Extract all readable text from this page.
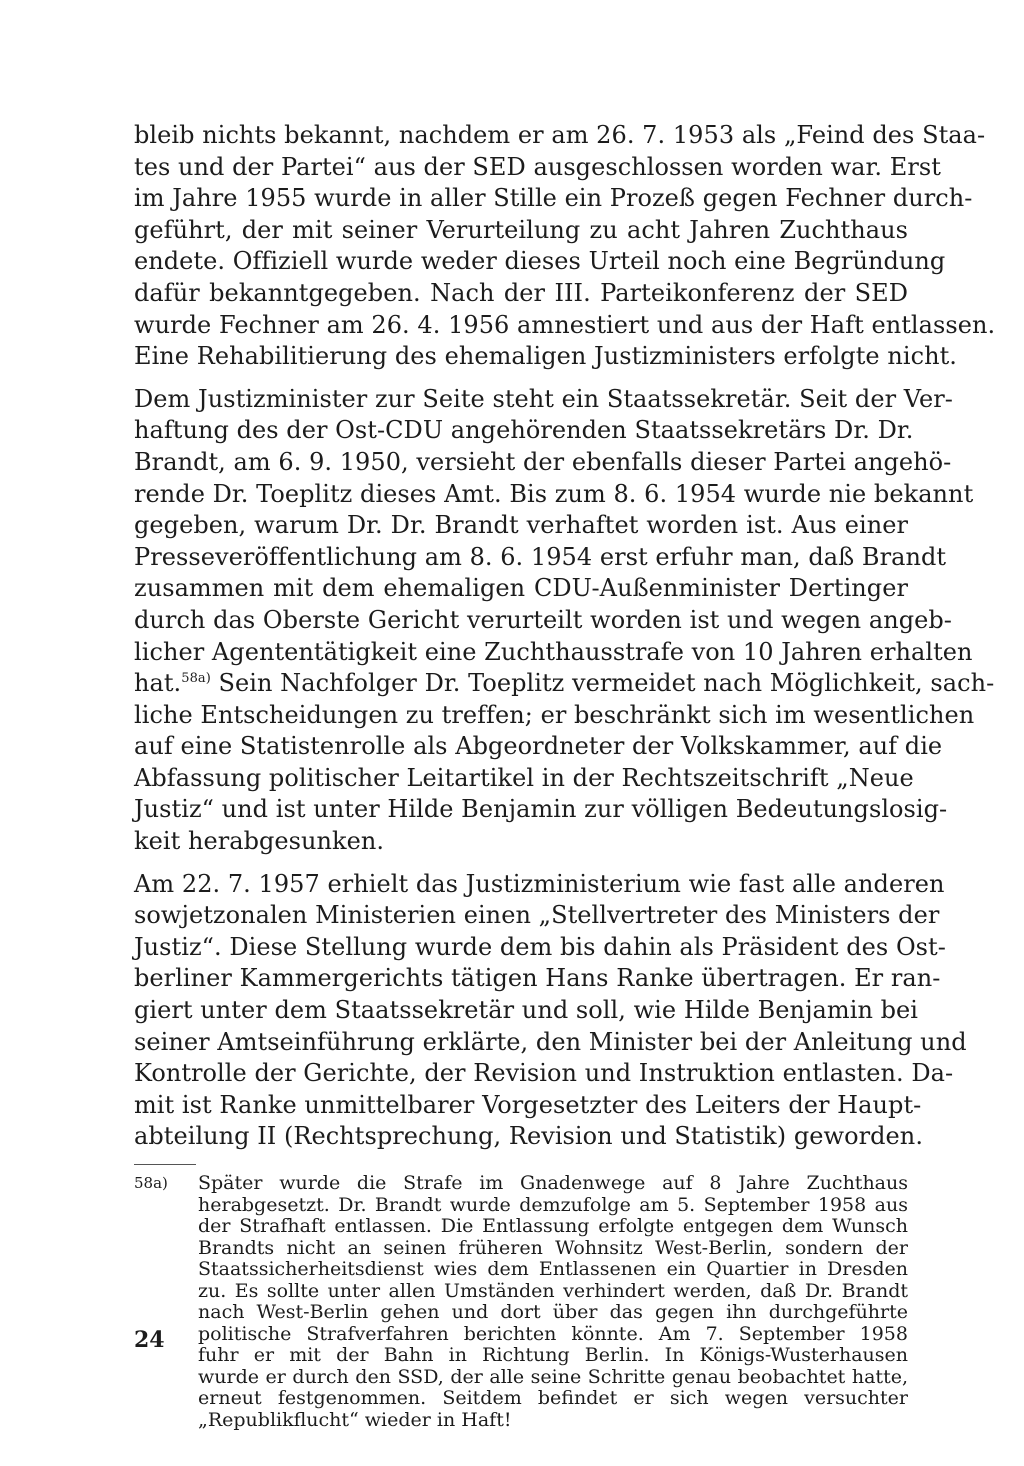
bleib nichts bekannt, nachdem er am 26. 7. 1953 als „Feind des Staa-
tes und der Partei“ aus der SED ausgeschlossen worden war. Erst
im Jahre 1955 wurde in aller Stille ein Prozeß gegen Fechner durch-
geführt, der mit seiner Verurteilung zu acht Jahren Zuchthaus
endete. Offiziell wurde weder dieses Urteil noch eine Begründung
dafür bekanntgegeben. Nach der III. Parteikonferenz der SED
wurde Fechner am 26. 4. 1956 amnestiert und aus der Haft entlassen.
Eine Rehabilitierung des ehemaligen Justizministers erfolgte nicht.
Dem Justizminister zur Seite steht ein Staatssekretär. Seit der Ver-
haftung des der Ost-CDU angehörenden Staatssekretärs Dr. Dr.
Brandt, am 6. 9. 1950, versieht der ebenfalls dieser Partei angehö-
rende Dr. Toeplitz dieses Amt. Bis zum 8. 6. 1954 wurde nie bekannt
gegeben, warum Dr. Dr. Brandt verhaftet worden ist. Aus einer
Presseveröffentlichung am 8. 6. 1954 erst erfuhr man, daß Brandt
zusammen mit dem ehemaligen CDU-Außenminister Dertinger
durch das Oberste Gericht verurteilt worden ist und wegen angeb-
licher Agententätigkeit eine Zuchthausstrafe von 10 Jahren erhalten
hat.$^{58a)}$ Sein Nachfolger Dr. Toeplitz vermeidet nach Möglichkeit, sach-
liche Entscheidungen zu treffen; er beschränkt sich im wesentlichen
auf eine Statistenrolle als Abgeordneter der Volkskammer, auf die
Abfassung politischer Leitartikel in der Rechtszeitschrift „Neue
Justiz“ und ist unter Hilde Benjamin zur völligen Bedeutungslosig-
keit herabgesunken.
Am 22. 7. 1957 erhielt das Justizministerium wie fast alle anderen
sowjetzonalen Ministerien einen „Stellvertreter des Ministers der
Justiz“. Diese Stellung wurde dem bis dahin als Präsident des Ost-
berliner Kammergerichts tätigen Hans Ranke übertragen. Er ran-
giert unter dem Staatssekretär und soll, wie Hilde Benjamin bei
seiner Amtseinführung erklärte, den Minister bei der Anleitung und
Kontrolle der Gerichte, der Revision und Instruktion entlasten. Da-
mit ist Ranke unmittelbarer Vorgesetzter des Leiters der Haupt-
abteilung II (Rechtsprechung, Revision und Statistik) geworden.
58a) Später wurde die Strafe im Gnadenwege auf 8 Jahre Zuchthaus
herabgesetzt. Dr. Brandt wurde demzufolge am 5. September 1958 aus
der Strafhaft entlassen. Die Entlassung erfolgte entgegen dem Wunsch
Brandts nicht an seinen früheren Wohnsitz West-Berlin, sondern der
Staatssicherheitsdienst wies dem Entlassenen ein Quartier in Dresden
zu. Es sollte unter allen Umständen verhindert werden, daß Dr. Brandt
nach West-Berlin gehen und dort über das gegen ihn durchgeführte
politische Strafverfahren berichten könnte. Am 7. September 1958
fuhr er mit der Bahn in Richtung Berlin. In Königs-Wusterhausen
wurde er durch den SSD, der alle seine Schritte genau beobachtet hatte,
erneut festgenommen. Seitdem befindet er sich wegen versuchter
„Republikflucht“ wieder in Haft!
24
